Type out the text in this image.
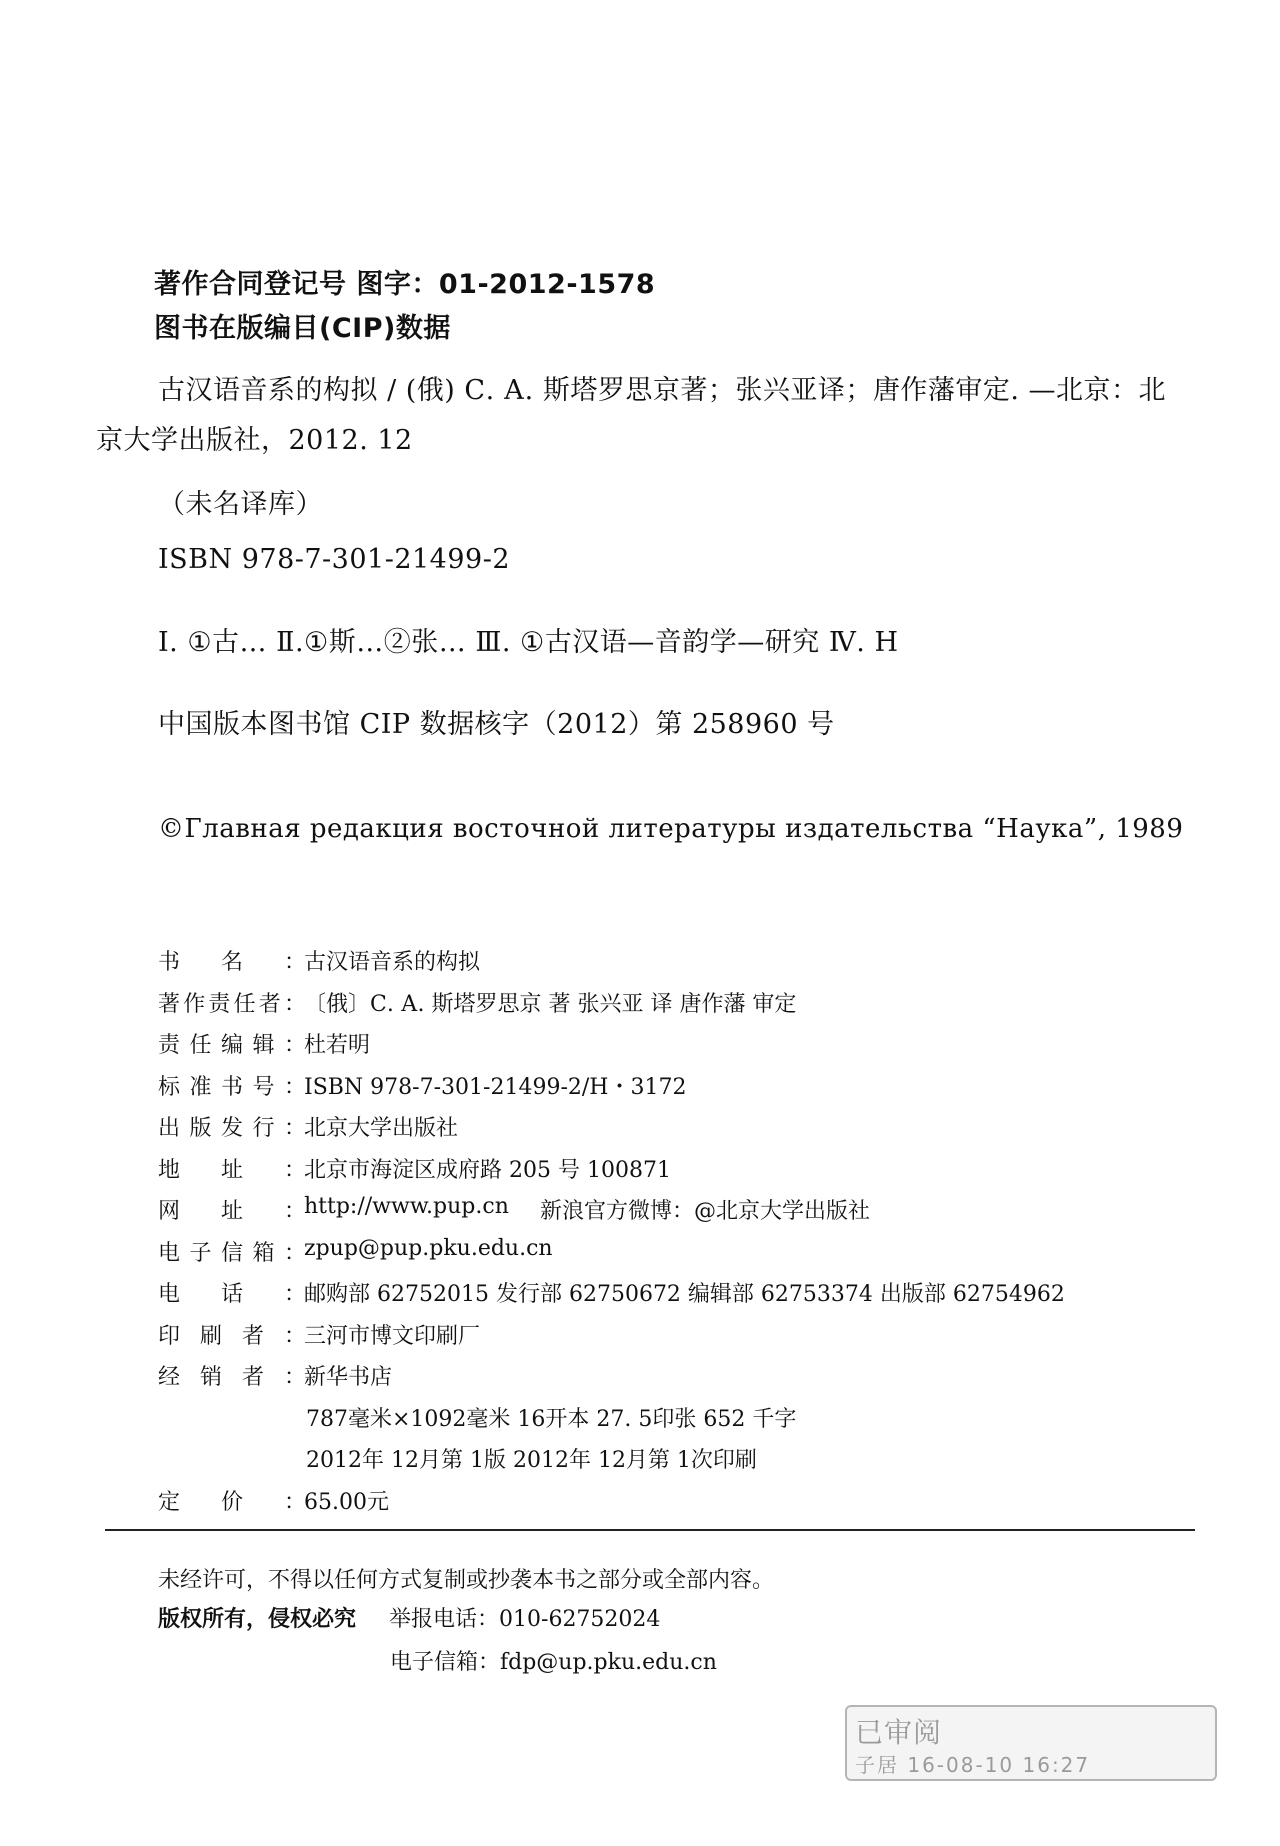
著作合同登记号 图字：01-2012-1578
图书在版编目(CIP)数据
古汉语音系的构拟 / (俄) С. А. 斯塔罗思京著；张兴亚译；唐作藩审定. —北京：北
京大学出版社，2012. 12
（未名译库）
ISBN 978-7-301-21499-2
Ⅰ. ①古… Ⅱ.①斯…②张… Ⅲ. ①古汉语—音韵学—研究 Ⅳ. H
中国版本图书馆 CIP 数据核字（2012）第 258960 号
©Главная редакция восточной литературы издательства “Наука”, 1989
书名：
古汉语音系的构拟
著作责任者：
〔俄〕С. А. 斯塔罗思京 著 张兴亚 译 唐作藩 审定
责任编辑：
杜若明
标准书号：
ISBN 978-7-301-21499-2/H・3172
出版发行：
北京大学出版社
地址：
北京市海淀区成府路 205 号 100871
网址：
http://www.pup.cn 新浪官方微博：@北京大学出版社
电子信箱：
zpup@pup.pku.edu.cn
电话：
邮购部 62752015 发行部 62750672 编辑部 62753374 出版部 62754962
印刷者：
三河市博文印刷厂
经销者：
新华书店
787毫米×1092毫米 16开本 27. 5印张 652 千字
2012年 12月第 1版 2012年 12月第 1次印刷
定价：
65.00元
未经许可，不得以任何方式复制或抄袭本书之部分或全部内容。
版权所有，侵权必究 举报电话：010-62752024
电子信箱：fdp@up.pku.edu.cn
已审阅
子居 16-08-10 16:27
